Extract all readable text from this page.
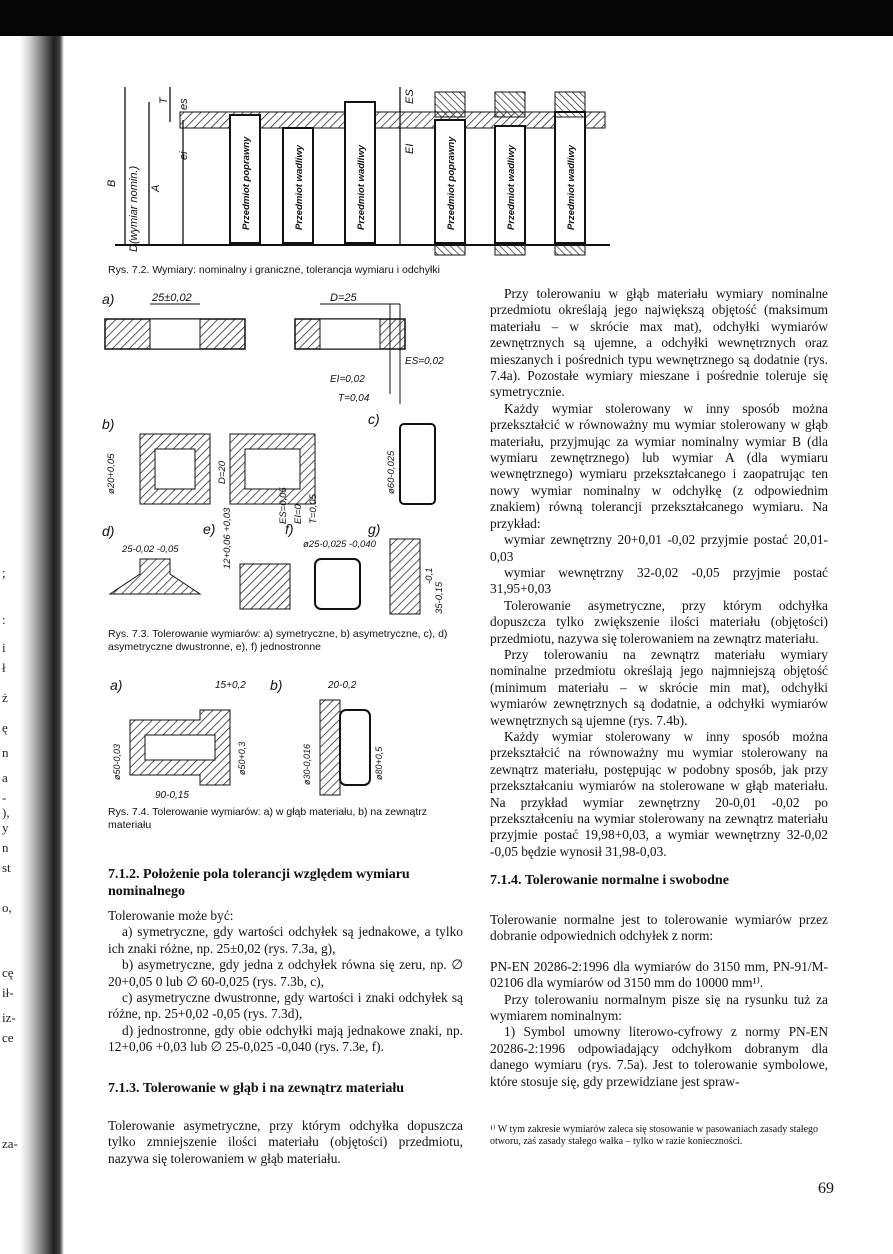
;
:
i
ł
ż
ę
n
a
-
),
y
n
st
o,
cę
ił-
iz-
ce
za-
B D(wymiar nomin.) A
T es
ei
ES
EI
Przedmiot poprawny	Przedmiot wadliwy	Przedmiot wadliwy	Przedmiot poprawny	Przedmiot wadliwy	Przedmiot wadliwy
Rys. 7.2. Wymiary: nominalny i graniczne, tolerancja wymiaru i odchyłki
a)	25±0,02	D=25
ES=0,02
EI=0,02
T=0,04
b)	c)
ø20+0,05	D=20
ES=0,05 EI=0 T=0,05
ø60-0,025
d)
25-0,02 -0,05
e) 12+0,06 +0,03	f)
ø25-0,025 -0,040
g)
35-0,15
-0,1
Rys. 7.3. Tolerowanie wymiarów: a) symetryczne, b) asymetryczne, c), d) asymetryczne dwustronne, e), f) jednostronne
a)	15+0,2 b)	20-0,2
90-0,15
ø50-0,03	ø50+0,3	ø30-0,016	ø80+0,5
Rys. 7.4. Tolerowanie wymiarów: a) w głąb materiału, b) na zewnątrz materiału

Przy tolerowaniu w głąb materiału wymiary nominalne przedmiotu określają jego największą objętość (maksimum materiału – w skrócie max mat), odchyłki wymiarów zewnętrznych są ujemne, a odchyłki wewnętrznych oraz mieszanych i pośrednich typu wewnętrznego są dodatnie (rys. 7.4a). Pozostałe wymiary mieszane i pośrednie toleruje się symetrycznie.

Każdy wymiar stolerowany w inny sposób można przekształcić w równoważny mu wymiar stolerowany w głąb materiału, przyjmując za wymiar nominalny wymiar B (dla wymiaru zewnętrznego) lub wymiar A (dla wymiaru wewnętrznego) wymiaru przekształcanego i zaopatrując ten nowy wymiar nominalny w odchyłkę (z odpowiednim znakiem) równą tolerancji przekształcanego wymiaru. Na przykład:

wymiar zewnętrzny 20+0,01 -0,02 przyjmie postać 20,01-0,03

wymiar wewnętrzny 32-0,02 -0,05 przyjmie postać 31,95+0,03

Tolerowanie asymetryczne, przy którym odchyłka dopuszcza tylko zwiększenie ilości materiału (objętości) przedmiotu, nazywa się tolerowaniem na zewnątrz materiału.

Przy tolerowaniu na zewnątrz materiału wymiary nominalne przedmiotu określają jego najmniejszą objętość (minimum materiału – w skrócie min mat), odchyłki wymiarów zewnętrznych są dodatnie, a odchyłki wymiarów wewnętrznych są ujemne (rys. 7.4b).

Każdy wymiar stolerowany w inny sposób można przekształcić na równoważny mu wymiar stolerowany na zewnątrz materiału, postępując w podobny sposób, jak przy przekształcaniu wymiarów na stolerowane w głąb materiału. Na przykład wymiar zewnętrzny 20-0,01 -0,02 po przekształceniu na wymiar stolerowany na zewnątrz materiału przyjmie postać 19,98+0,03, a wymiar wewnętrzny 32-0,02 -0,05 będzie wynosił 31,98-0,03.

7.1.4. Tolerowanie normalne i swobodne

Tolerowanie normalne jest to tolerowanie wymiarów przez dobranie odpowiednich odchyłek z norm:

PN-EN 20286-2:1996 dla wymiarów do 3150 mm, PN-91/M-02106 dla wymiarów od 3150 mm do 10000 mm¹⁾.

Przy tolerowaniu normalnym pisze się na rysunku tuż za wymiarem nominalnym:

1) Symbol umowny literowo-cyfrowy z normy PN-EN 20286-2:1996 odpowiadający odchyłkom dobranym dla danego wymiaru (rys. 7.5a). Jest to tolerowanie symbolowe, które stosuje się, gdy przewidziane jest spraw-

¹⁾ W tym zakresie wymiarów zaleca się stosowanie w pasowaniach zasady stałego otworu, zaś zasady stałego wałka – tylko w razie konieczności.
7.1.2. Położenie pola tolerancji względem wymiaru nominalnego

Tolerowanie może być:

a) symetryczne, gdy wartości odchyłek są jednakowe, a tylko ich znaki różne, np. 25±0,02 (rys. 7.3a, g),

b) asymetryczne, gdy jedna z odchyłek równa się zeru, np. ∅ 20+0,05 0 lub ∅ 60-0,025 (rys. 7.3b, c),

c) asymetryczne dwustronne, gdy wartości i znaki odchyłek są różne, np. 25+0,02 -0,05 (rys. 7.3d),

d) jednostronne, gdy obie odchyłki mają jednakowe znaki, np. 12+0,06 +0,03 lub ∅ 25-0,025 -0,040 (rys. 7.3e, f).

7.1.3. Tolerowanie w głąb i na zewnątrz materiału

Tolerowanie asymetryczne, przy którym odchyłka dopuszcza tylko zmniejszenie ilości materiału (objętości) przedmiotu, nazywa się tolerowaniem w głąb materiału.

69
